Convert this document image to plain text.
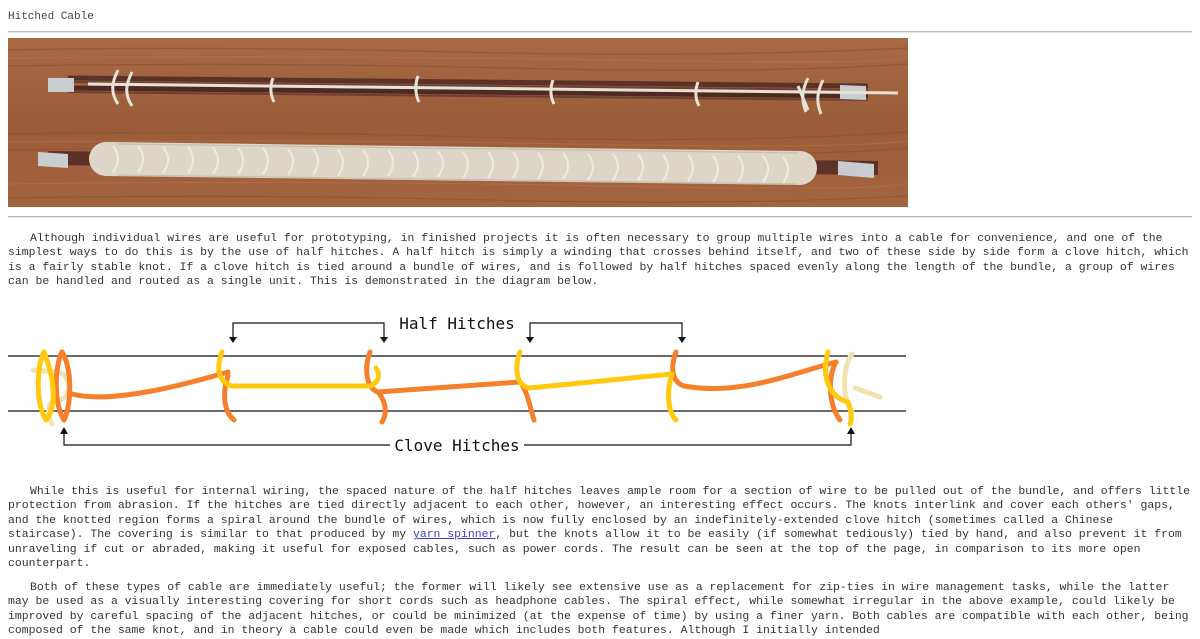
Hitched Cable

Although individual wires are useful for prototyping, in finished projects it is often necessary to group multiple wires into a cable for convenience, and one of the simplest ways to do this is by the use of half hitches. A half hitch is simply a winding that crosses behind itself, and two of these side by side form a clove hitch, which is a fairly stable knot. If a clove hitch is tied around a bundle of wires, and is followed by half hitches spaced evenly along the length of the bundle, a group of wires can be handled and routed as a single unit. This is demonstrated in the diagram below.

Half Hitches
Clove Hitches

While this is useful for internal wiring, the spaced nature of the half hitches leaves ample room for a section of wire to be pulled out of the bundle, and offers little protection from abrasion. If the hitches are tied directly adjacent to each other, however, an interesting effect occurs. The knots interlink and cover each others' gaps, and the knotted region forms a spiral around the bundle of wires, which is now fully enclosed by an indefinitely-extended clove hitch (sometimes called a Chinese staircase). The covering is similar to that produced by my yarn spinner, but the knots allow it to be easily (if somewhat tediously) tied by hand, and also prevent it from unraveling if cut or abraded, making it useful for exposed cables, such as power cords. The result can be seen at the top of the page, in comparison to its more open counterpart.

Both of these types of cable are immediately useful; the former will likely see extensive use as a replacement for zip-ties in wire management tasks, while the latter may be used as a visually interesting covering for short cords such as headphone cables. The spiral effect, while somewhat irregular in the above example, could likely be improved by careful spacing of the adjacent hitches, or could be minimized (at the expense of time) by using a finer yarn. Both cables are compatible with each other, being composed of the same knot, and in theory a cable could even be made which includes both features. Although I initially intended
